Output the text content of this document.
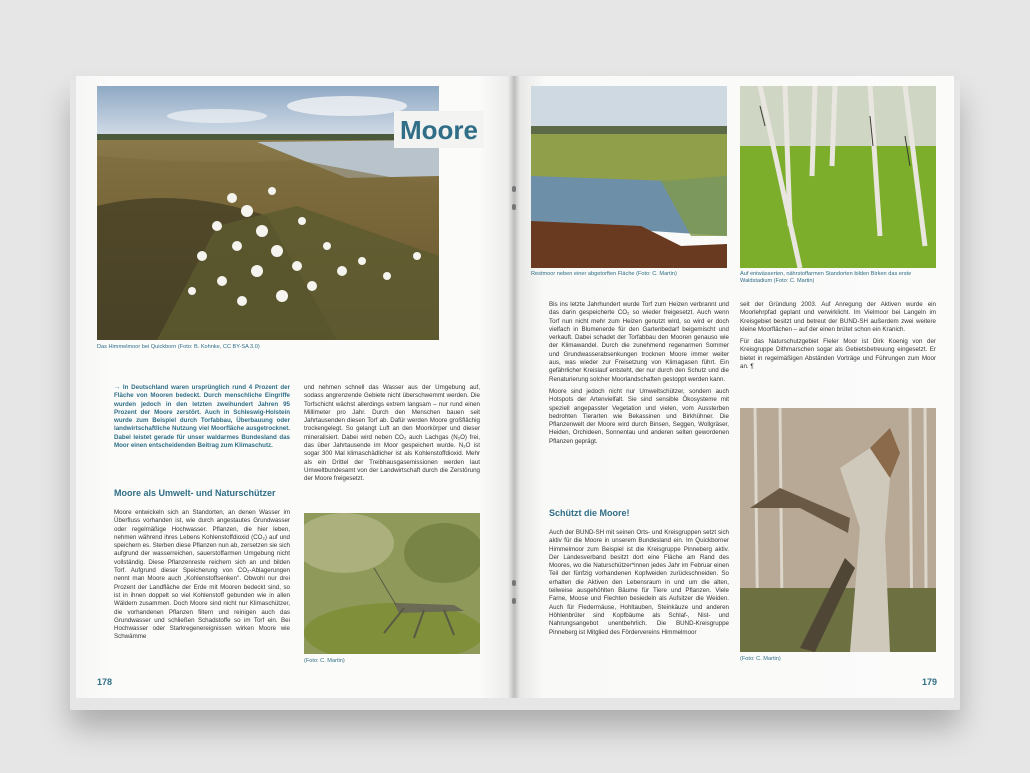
Moore
Das Himmelmoor bei Quickborn (Foto: B. Kohnke, CC BY-SA 3.0)

→ In Deutschland waren ursprünglich rund 4 Prozent der Fläche von Mooren bedeckt. Durch menschliche Eingriffe wurden jedoch in den letzten zweihundert Jahren 95 Prozent der Moore zerstört. Auch in Schleswig-Holstein wurde zum Beispiel durch Torfabbau, Überbauung oder landwirtschaftliche Nutzung viel Moorfläche ausgetrocknet. Dabei leistet gerade für unser waldarmes Bundesland das Moor einen entscheidenden Beitrag zum Klimaschutz.

Moore als Umwelt- und Naturschützer

Moore entwickeln sich an Standorten, an denen Wasser im Überfluss vorhanden ist, wie durch angestautes Grundwasser oder regelmäßige Hochwasser. Pflanzen, die hier leben, nehmen während ihres Lebens Kohlenstoffdioxid (CO₂) auf und speichern es. Sterben diese Pflanzen nun ab, zersetzen sie sich aufgrund der wasserreichen, sauerstoffarmen Umgebung nicht vollständig. Diese Pflanzenreste reichern sich an und bilden Torf. Aufgrund dieser Speicherung von CO₂-Ablagerungen nennt man Moore auch „Kohlenstoffsenken". Obwohl nur drei Prozent der Landfläche der Erde mit Mooren bedeckt sind, so ist in ihnen doppelt so viel Kohlenstoff gebunden wie in allen Wäldern zusammen. Doch Moore sind nicht nur Klimaschützer, die vorhandenen Pflanzen filtern und reinigen auch das Grundwasser und schließen Schadstoffe so im Torf ein. Bei Hochwasser oder Starkregenereignissen wirken Moore wie Schwämme

und nehmen schnell das Wasser aus der Umgebung auf, sodass angrenzende Gebiete nicht überschwemmt werden. Die Torfschicht wächst allerdings extrem langsam – nur rund einen Millimeter pro Jahr. Durch den Menschen bauen seit Jahrtausenden diesen Torf ab. Dafür werden Moore großflächig trockengelegt. So gelangt Luft an den Moorkörper und dieser mineralisiert. Dabei wird neben CO₂ auch Lachgas (N₂O) frei, das über Jahrtausende im Moor gespeichert wurde. N₂O ist sogar 300 Mal klimaschädlicher ist als Kohlenstoffdioxid. Mehr als ein Drittel der Treibhausgasemissionen werden laut Umweltbundesamt von der Landwirtschaft durch die Zerstörung der Moore freigesetzt.

(Foto: C. Martin)
178
Restmoor neben einer abgetorften Fläche (Foto: C. Martin)	Auf entwässerten, nährstoffarmen Standorten bilden Birken das erste Waldstadium (Foto: C. Martin)

Bis ins letzte Jahrhundert wurde Torf zum Heizen verbrannt und das darin gespeicherte CO₂ so wieder freigesetzt. Auch wenn Torf nun nicht mehr zum Heizen genutzt wird, so wird er doch vielfach in Blumenerde für den Gartenbedarf beigemischt und verkauft. Dabei schadet der Torfabbau den Mooren genauso wie der Klimawandel. Durch die zunehmend regenarmen Sommer und Grundwasserabsenkungen trocknen Moore immer weiter aus, was wieder zur Freisetzung von Klimagasen führt. Ein gefährlicher Kreislauf entsteht, der nur durch den Schutz und die Renaturierung solcher Moorlandschaften gestoppt werden kann.

Moore sind jedoch nicht nur Umweltschützer, sondern auch Hotspots der Artenvielfalt. Sie sind sensible Ökosysteme mit speziell angepasster Vegetation und vielen, vom Aussterben bedrohten Tierarten wie Bekassinen und Birkhühner. Die Pflanzenwelt der Moore wird durch Binsen, Seggen, Wollgräser, Heiden, Orchideen, Sonnentau und anderen selten gewordenen Pflanzen geprägt.

Schützt die Moore!

Auch der BUND-SH mit seinen Orts- und Kreisgruppen setzt sich aktiv für die Moore in unserem Bundesland ein. Im Quickborner Himmelmoor zum Beispiel ist die Kreisgruppe Pinneberg aktiv. Der Landesverband besitzt dort eine Fläche am Rand des Moores, wo die Naturschützer*innen jedes Jahr im Februar einen Teil der fünfzig vorhandenen Kopfweiden zurückschneiden. So erhalten die Aktiven den Lebensraum in und um die alten, teilweise ausgehöhlten Bäume für Tiere und Pflanzen. Viele Farne, Moose und Flechten besiedeln als Aufsitzer die Weiden. Auch für Fledermäuse, Hohltauben, Steinkäuze und anderen Höhlenbrüter sind Kopfbäume als Schlaf-, Nist- und Nahrungsangebot unentbehrlich. Die BUND-Kreisgruppe Pinneberg ist Mitglied des Fördervereins Himmelmoor

seit der Gründung 2003. Auf Anregung der Aktiven wurde ein Moorlehrpfad geplant und verwirklicht. Im Vielmoor bei Langeln im Kreisgebiet besitzt und betreut der BUND-SH außerdem zwei weitere kleine Moorflächen – auf der einen brütet schon ein Kranich.

Für das Naturschutzgebiet Fieler Moor ist Dirk Koenig von der Kreisgruppe Dithmarschen sogar als Gebietsbetreuung eingesetzt. Er bietet in regelmäßigen Abständen Vorträge und Führungen zum Moor an. ¶

(Foto: C. Martin)
179
